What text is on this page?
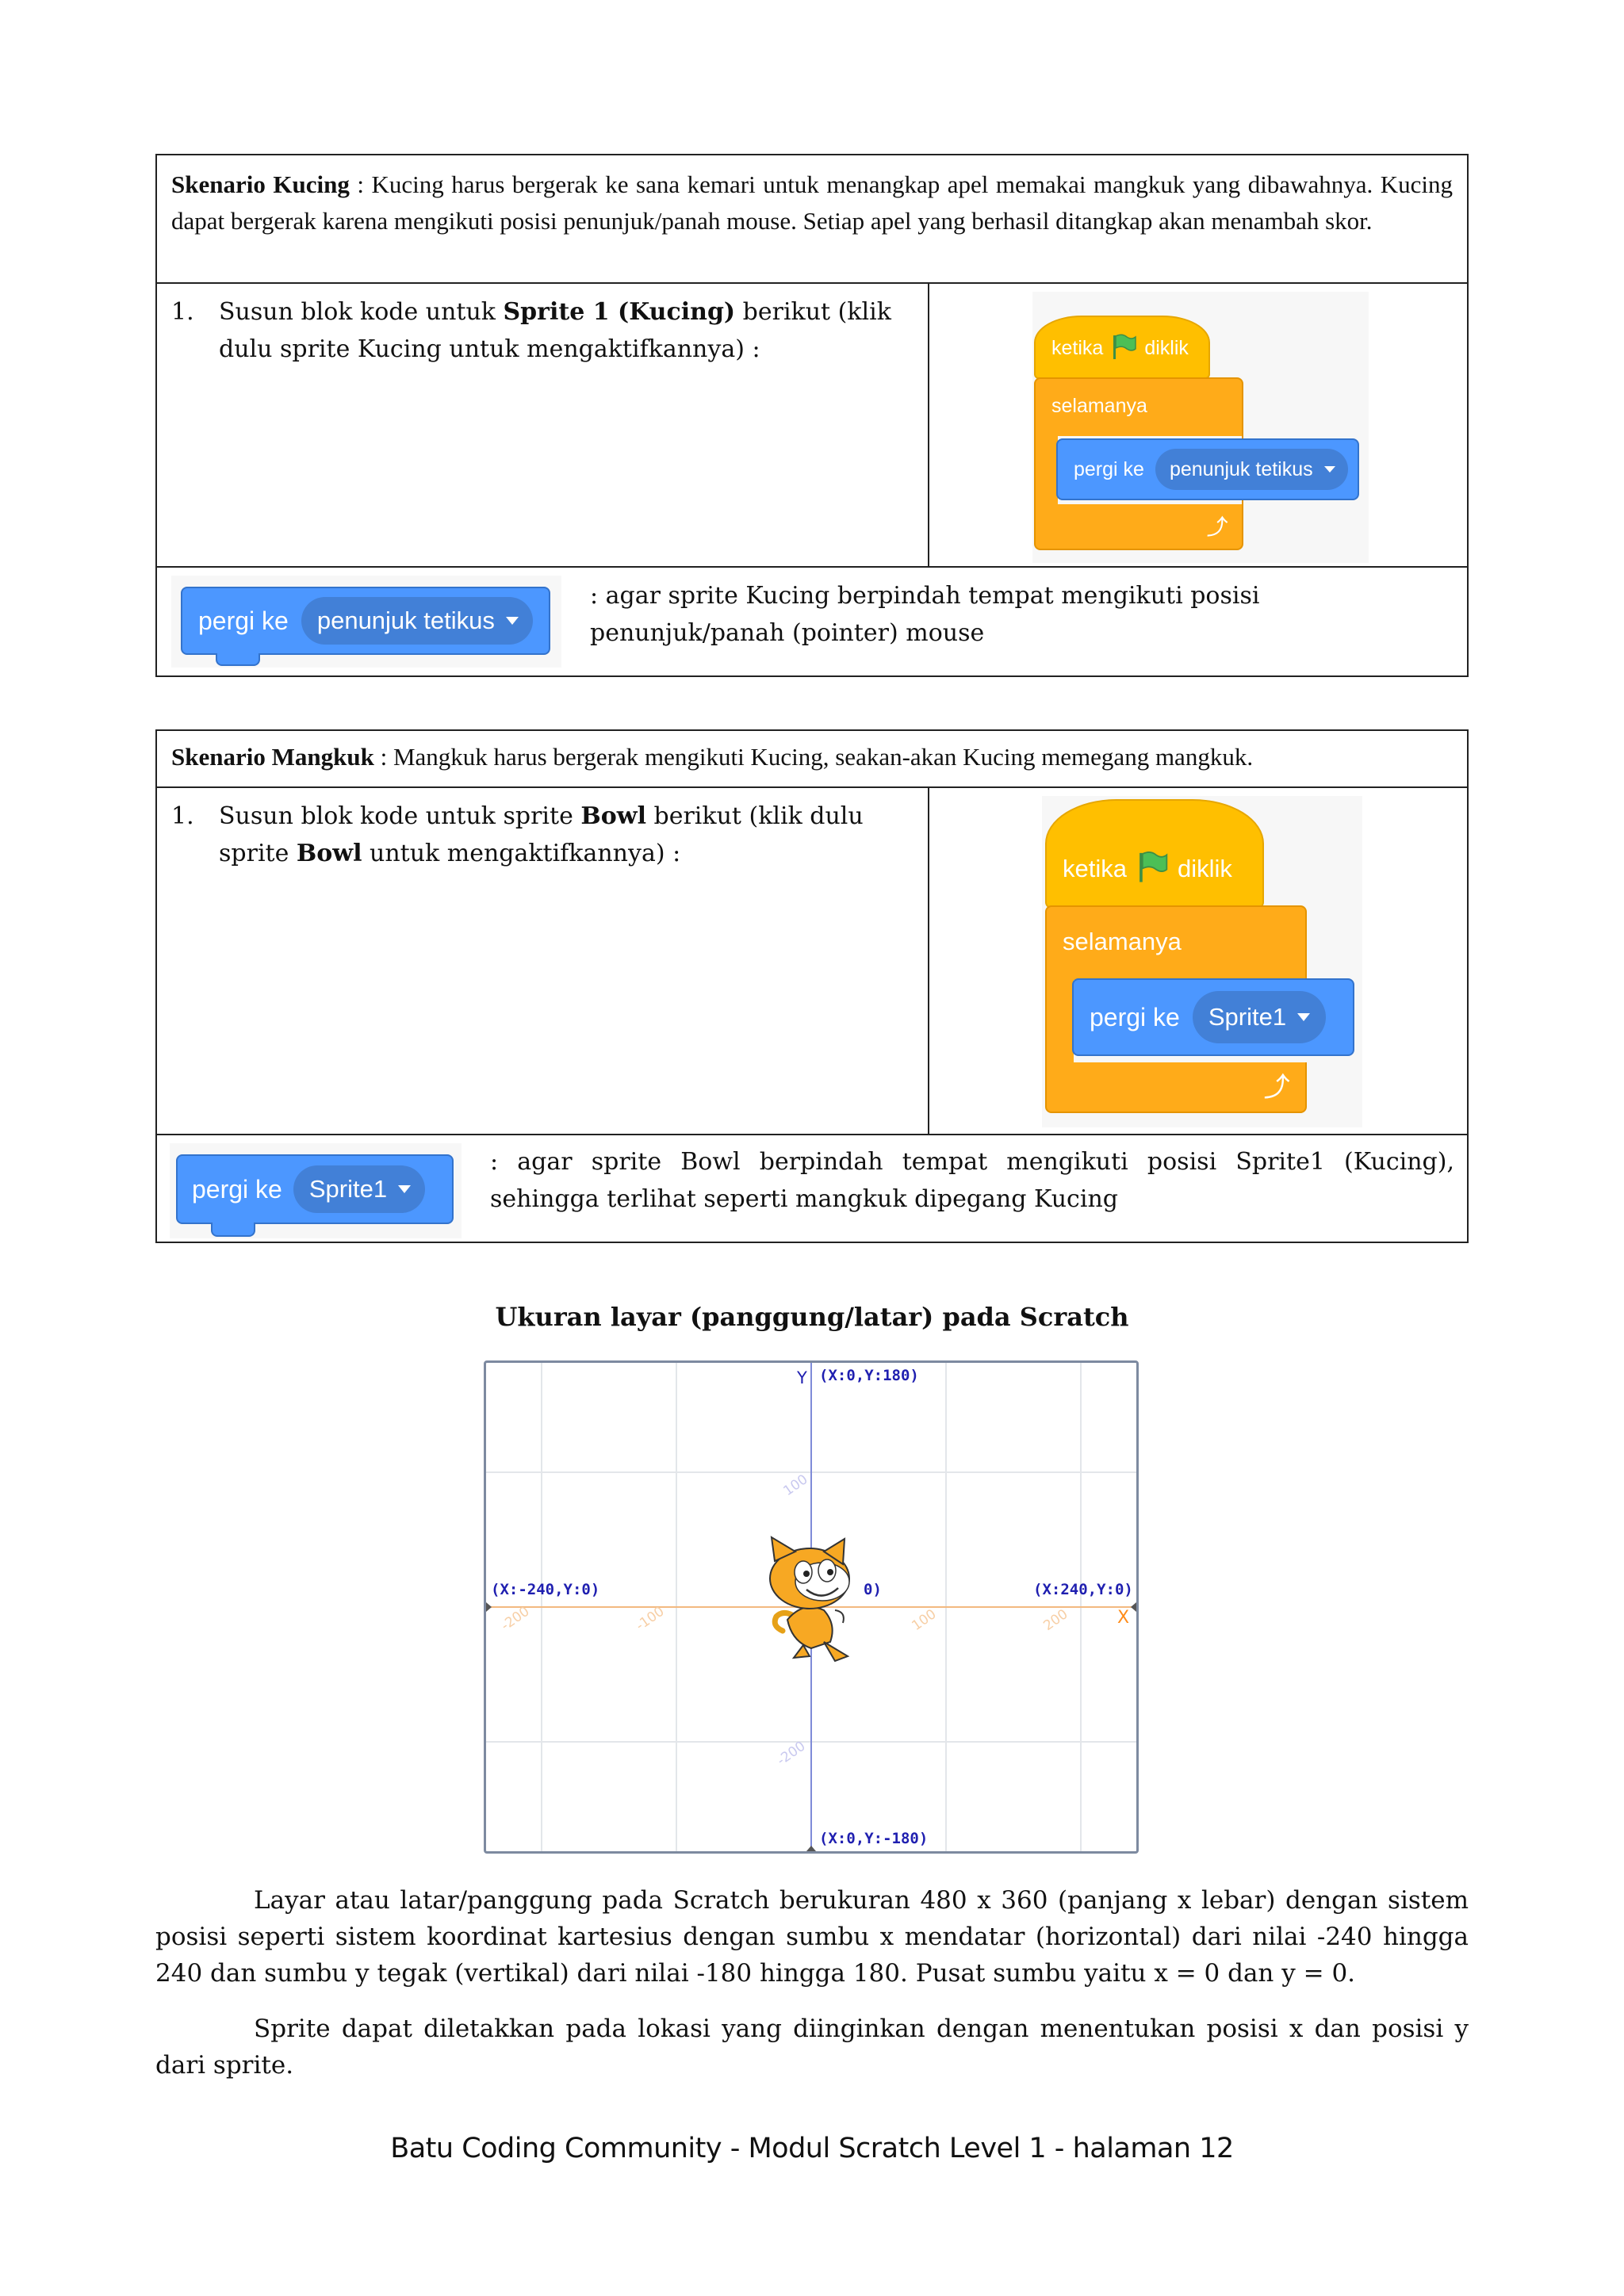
Skenario Kucing : Kucing harus bergerak ke sana kemari untuk menangkap apel memakai mangkuk yang dibawahnya. Kucing dapat bergerak karena mengikuti posisi penunjuk/panah mouse. Setiap apel yang berhasil ditangkap akan menambah skor.
1. Susun blok kode untuk Sprite 1 (Kucing) berikut (klik dulu sprite Kucing untuk mengaktifkannya) :	ketika diklik
selamanya
⤴
pergi ke penunjuk tetikus
pergi ke penunjuk tetikus
: agar sprite Kucing berpindah tempat mengikuti posisi penunjuk/panah (pointer) mouse
Skenario Mangkuk : Mangkuk harus bergerak mengikuti Kucing, seakan-akan Kucing memegang mangkuk.
1. Susun blok kode untuk sprite Bowl berikut (klik dulu sprite Bowl untuk mengaktifkannya) :
ketika diklik
selamanya
⤴
pergi ke Sprite1
pergi ke Sprite1
: agar sprite Bowl berpindah tempat mengikuti posisi Sprite1 (Kucing), sehingga terlihat seperti mangkuk dipegang Kucing
Ukuran layar (panggung/latar) pada Scratch
Y (X:0,Y:180)
(X:0,Y:-180)
(X:-240,Y:0)	(X:240,Y:0)
0)
X
100
-200
-200	-100	100	200
Layar atau latar/panggung pada Scratch berukuran 480 x 360 (panjang x lebar) dengan sistem posisi seperti sistem koordinat kartesius dengan sumbu x mendatar (horizontal) dari nilai -240 hingga 240 dan sumbu y tegak (vertikal) dari nilai -180 hingga 180. Pusat sumbu yaitu x = 0 dan y = 0.
Sprite dapat diletakkan pada lokasi yang diinginkan dengan menentukan posisi x dan posisi y dari sprite.
Batu Coding Community - Modul Scratch Level 1 - halaman 12
